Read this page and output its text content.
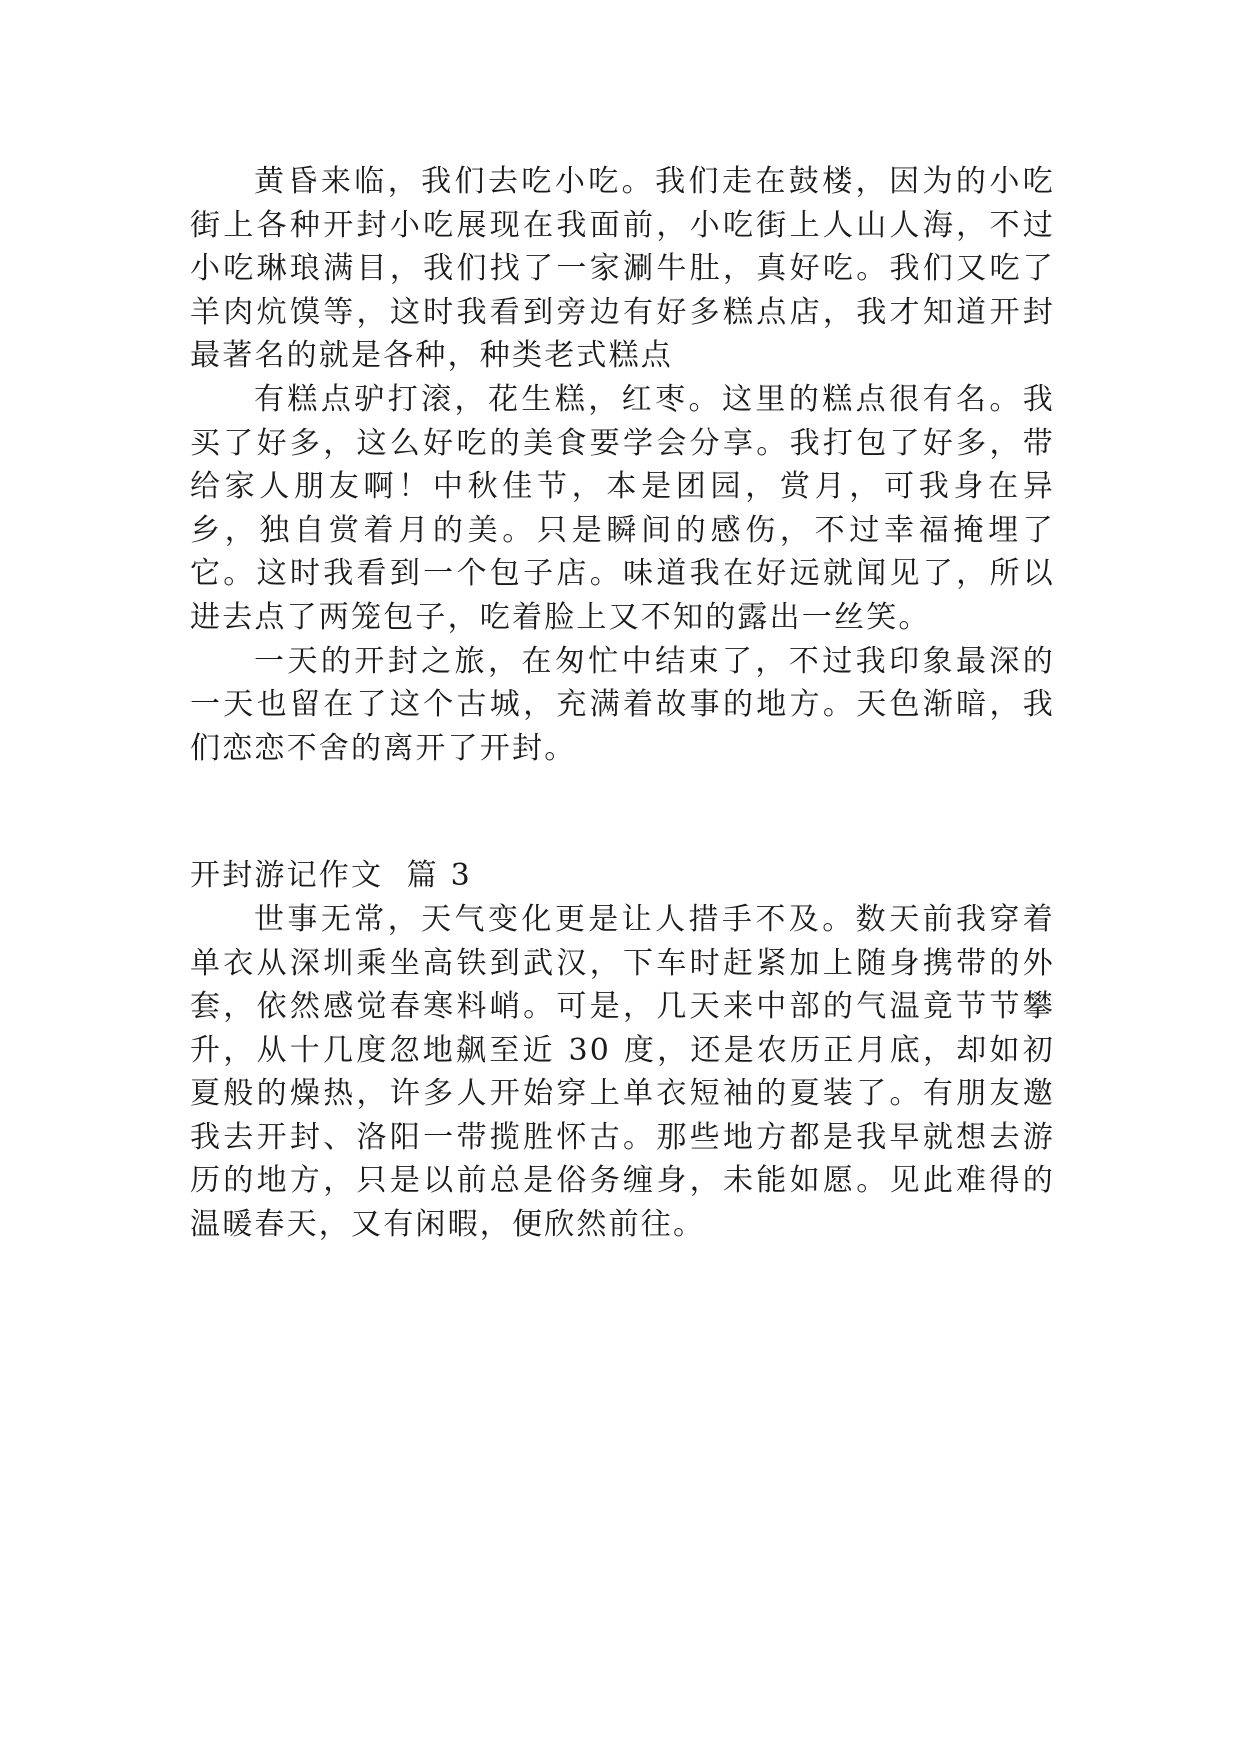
黄昏来临，我们去吃小吃。我们走在鼓楼，因为的小吃街上各种开封小吃展现在我面前，小吃街上人山人海，不过小吃琳琅满目，我们找了一家涮牛肚，真好吃。我们又吃了羊肉炕馍等，这时我看到旁边有好多糕点店，我才知道开封最著名的就是各种，种类老式糕点

有糕点驴打滚，花生糕，红枣。这里的糕点很有名。我买了好多，这么好吃的美食要学会分享。我打包了好多，带给家人朋友啊！中秋佳节，本是团园，赏月，可我身在异乡，独自赏着月的美。只是瞬间的感伤，不过幸福掩埋了它。这时我看到一个包子店。味道我在好远就闻见了，所以进去点了两笼包子，吃着脸上又不知的露出一丝笑。

一天的开封之旅，在匆忙中结束了，不过我印象最深的一天也留在了这个古城，充满着故事的地方。天色渐暗，我们恋恋不舍的离开了开封。

开封游记作文  篇 3

世事无常，天气变化更是让人措手不及。数天前我穿着单衣从深圳乘坐高铁到武汉，下车时赶紧加上随身携带的外套，依然感觉春寒料峭。可是，几天来中部的气温竟节节攀升，从十几度忽地飙至近 30 度，还是农历正月底，却如初夏般的燥热，许多人开始穿上单衣短袖的夏装了。有朋友邀我去开封、洛阳一带揽胜怀古。那些地方都是我早就想去游历的地方，只是以前总是俗务缠身，未能如愿。见此难得的温暖春天，又有闲暇，便欣然前往。
